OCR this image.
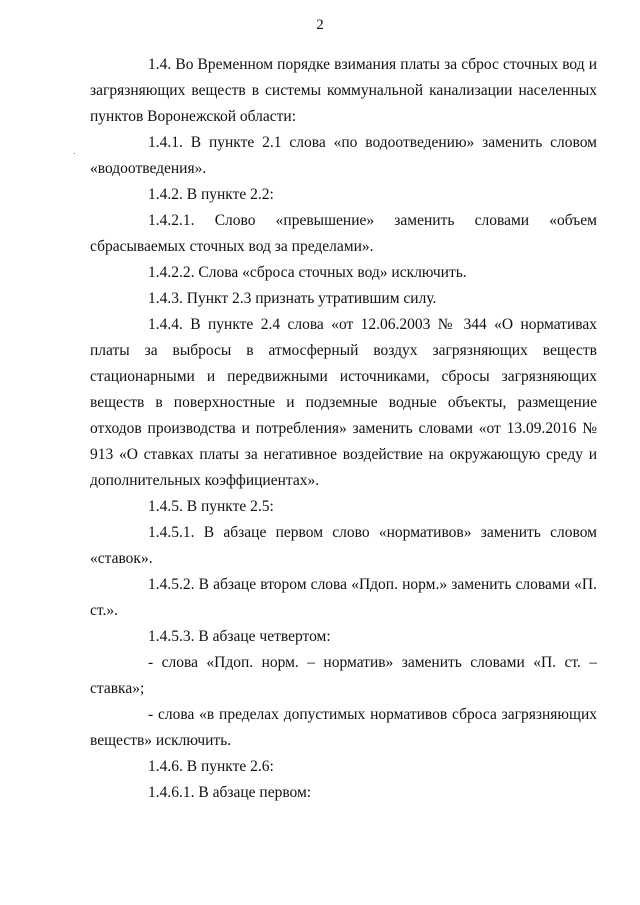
2

1.4. Во Временном порядке взимания платы за сброс сточных вод и загрязняющих веществ в системы коммунальной канализации населенных пунктов Воронежской области:

1.4.1. В пункте 2.1 слова «по водоотведению» заменить словом «водоотведения».

1.4.2. В пункте 2.2:

1.4.2.1. Слово «превышение» заменить словами «объем сбрасываемых сточных вод за пределами».

1.4.2.2. Слова «сброса сточных вод» исключить.

1.4.3. Пункт 2.3 признать утратившим силу.

1.4.4. В пункте 2.4 слова «от 12.06.2003 № 344 «О нормативах платы за выбросы в атмосферный воздух загрязняющих веществ стационарными и передвижными источниками, сбросы загрязняющих веществ в поверхностные и подземные водные объекты, размещение отходов производства и потребления» заменить словами «от 13.09.2016 № 913 «О ставках платы за негативное воздействие на окружающую среду и дополнительных коэффициентах».

1.4.5. В пункте 2.5:

1.4.5.1. В абзаце первом слово «нормативов» заменить словом «ставок».

1.4.5.2. В абзаце втором слова «Пдоп. норм.» заменить словами «П. ст.».

1.4.5.3. В абзаце четвертом:

- слова «Пдоп. норм. – норматив» заменить словами «П. ст. – ставка»;

- слова «в пределах допустимых нормативов сброса загрязняющих веществ» исключить.

1.4.6. В пункте 2.6:

1.4.6.1. В абзаце первом:
